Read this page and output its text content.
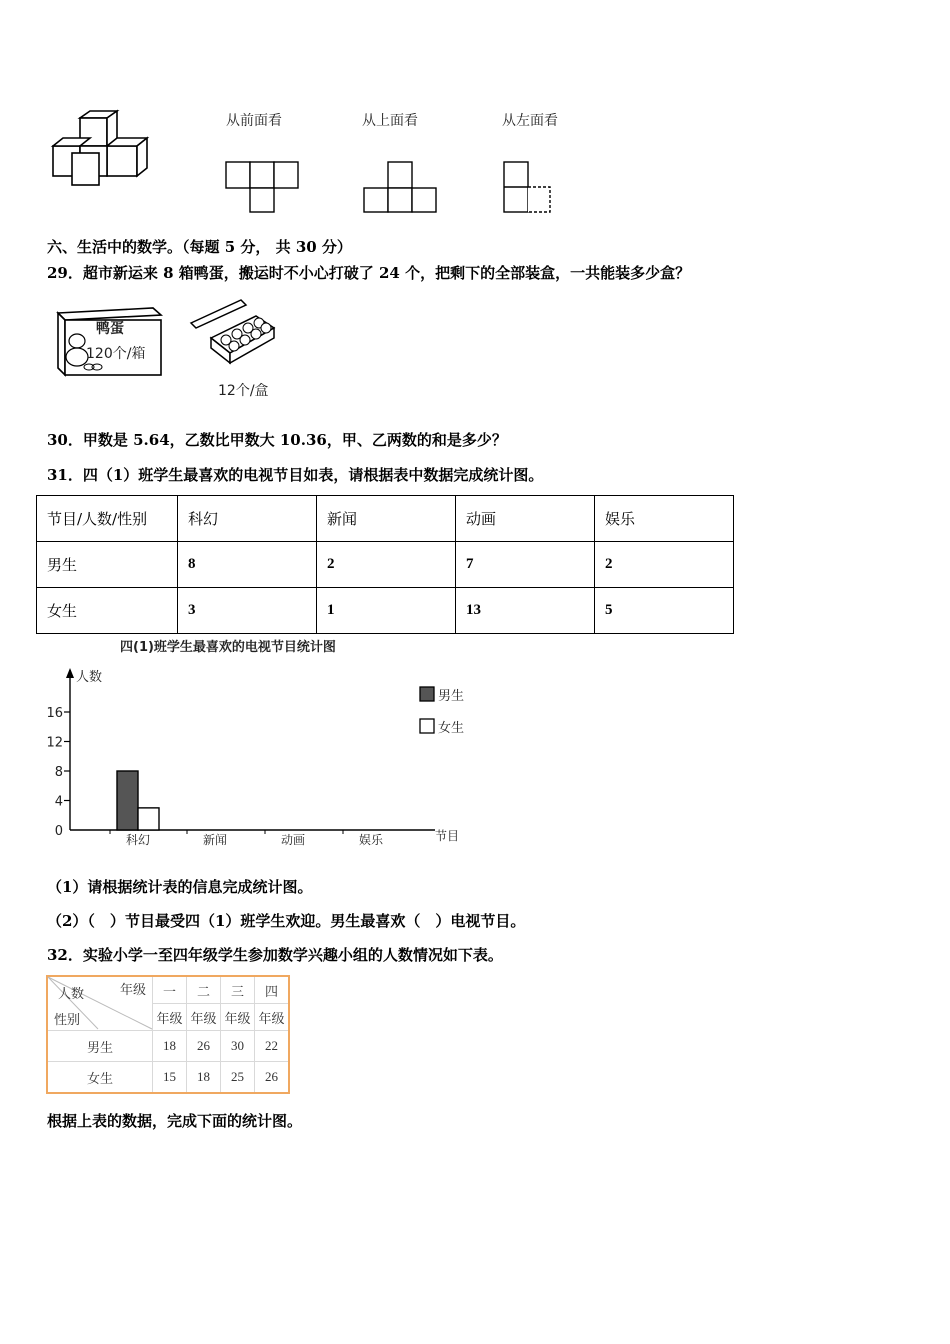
从前面看	从上面看	从左面看
六、生活中的数学。（每题 5 分， 共 30 分）
29．超市新运来 8 箱鸭蛋，搬运时不小心打破了 24 个，把剩下的全部装盒，一共能装多少盒？
鸭蛋
120个/箱
12个/盒
30．甲数是 5.64，乙数比甲数大 10.36，甲、乙两数的和是多少？
31．四（1）班学生最喜欢的电视节目如表，请根据表中数据完成统计图。
节目/人数/性别	科幻	新闻	动画	娱乐
男生	8	2	7	2
女生	3	1	13	5
四(1)班学生最喜欢的电视节目统计图
人数
节目
0
4
8
12
16
科幻	新闻	动画	娱乐
男生
女生
（1）请根据统计表的信息完成统计图。
（2）（　）节目最受四（1）班学生欢迎。男生最喜欢（　）电视节目。
32．实验小学一至四年级学生参加数学兴趣小组的人数情况如下表。
年级
人数
性别	一	二	三	四
	年级	年级	年级	年级
男生	18	26	30	22
女生	15	18	25	26
根据上表的数据，完成下面的统计图。
